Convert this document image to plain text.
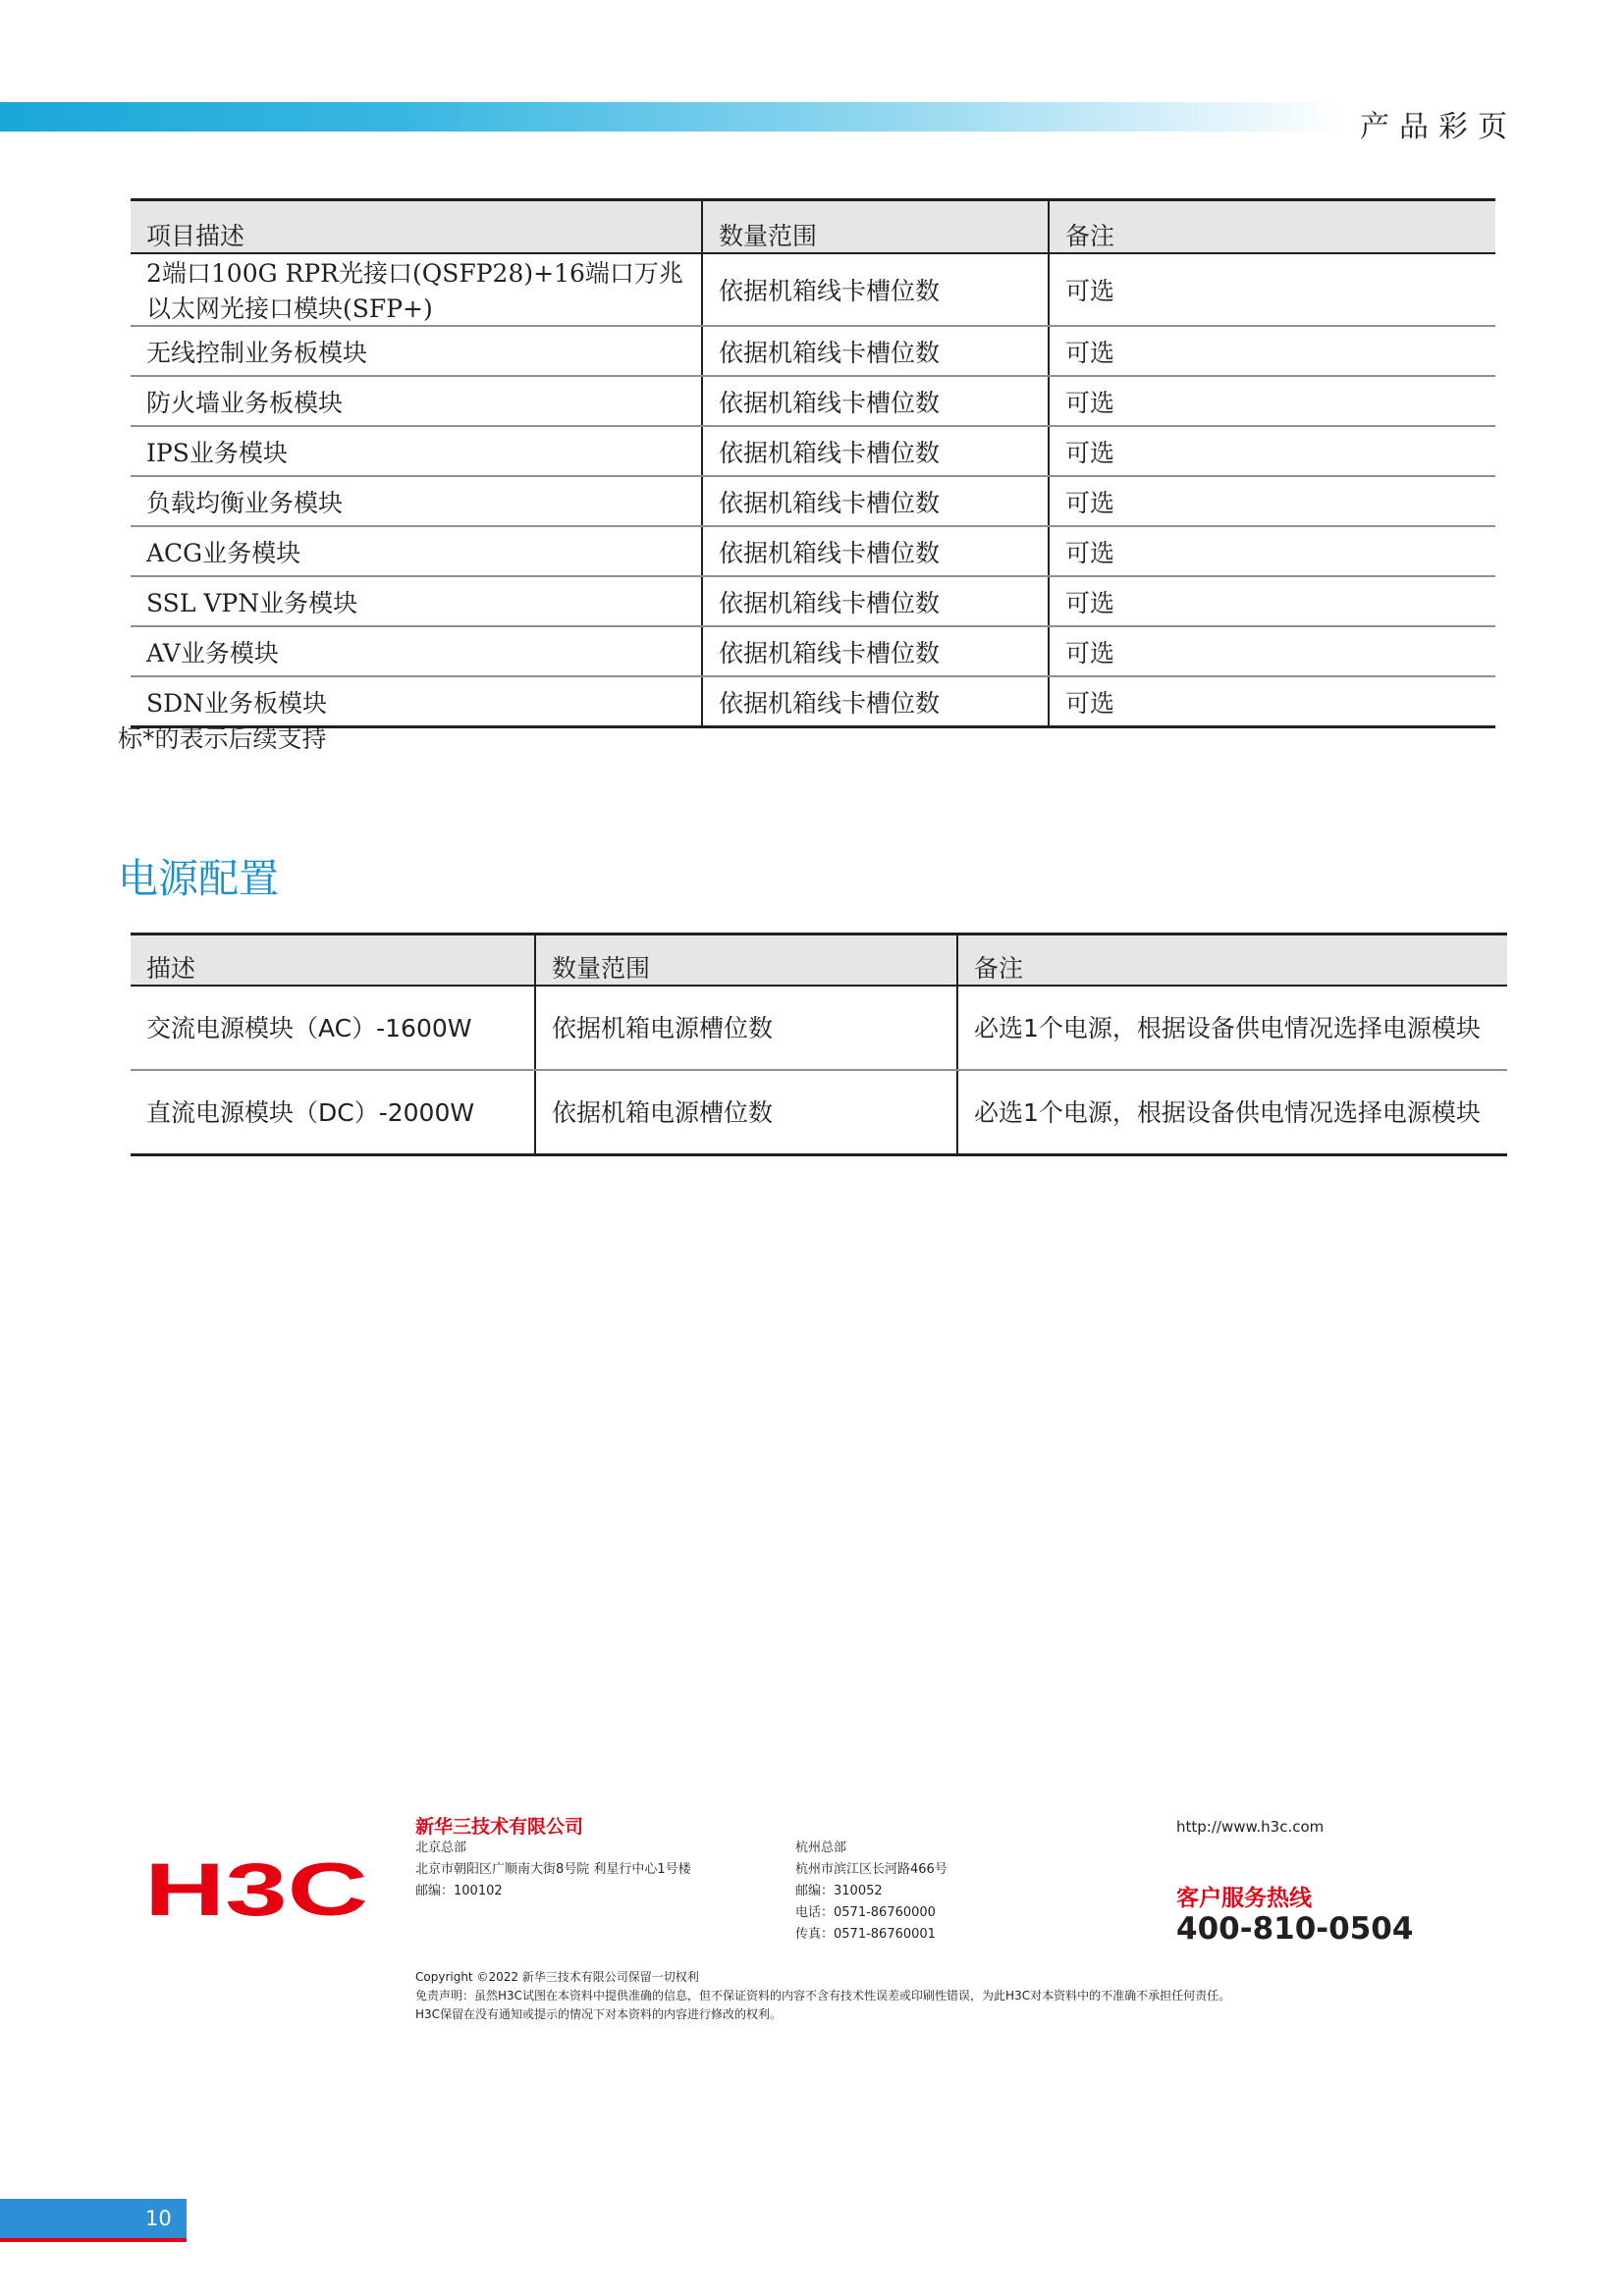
产品彩页
项目描述	数量范围	备注
2端口100G RPR光接口(QSFP28)+16端口万兆以太网光接口模块(SFP+)	依据机箱线卡槽位数	可选
无线控制业务板模块	依据机箱线卡槽位数	可选
防火墙业务板模块	依据机箱线卡槽位数	可选
IPS业务模块	依据机箱线卡槽位数	可选
负载均衡业务模块	依据机箱线卡槽位数	可选
ACG业务模块	依据机箱线卡槽位数	可选
SSL VPN业务模块	依据机箱线卡槽位数	可选
AV业务模块	依据机箱线卡槽位数	可选
SDN业务板模块	依据机箱线卡槽位数	可选
标*的表示后续支持
电源配置
描述	数量范围	备注
交流电源模块（AC）-1600W	依据机箱电源槽位数	必选1个电源，根据设备供电情况选择电源模块
直流电源模块（DC）-2000W	依据机箱电源槽位数	必选1个电源，根据设备供电情况选择电源模块
H3C
新华三技术有限公司
北京总部
北京市朝阳区广顺南大街8号院 利星行中心1号楼
邮编：100102
杭州总部
杭州市滨江区长河路466号
邮编：310052
电话：0571-86760000
传真：0571-86760001
http://www.h3c.com
客户服务热线
400-810-0504
Copyright ©2022 新华三技术有限公司保留一切权利
免责声明：虽然H3C试图在本资料中提供准确的信息，但不保证资料的内容不含有技术性误差或印刷性错误，为此H3C对本资料中的不准确不承担任何责任。
H3C保留在没有通知或提示的情况下对本资料的内容进行修改的权利。
10
